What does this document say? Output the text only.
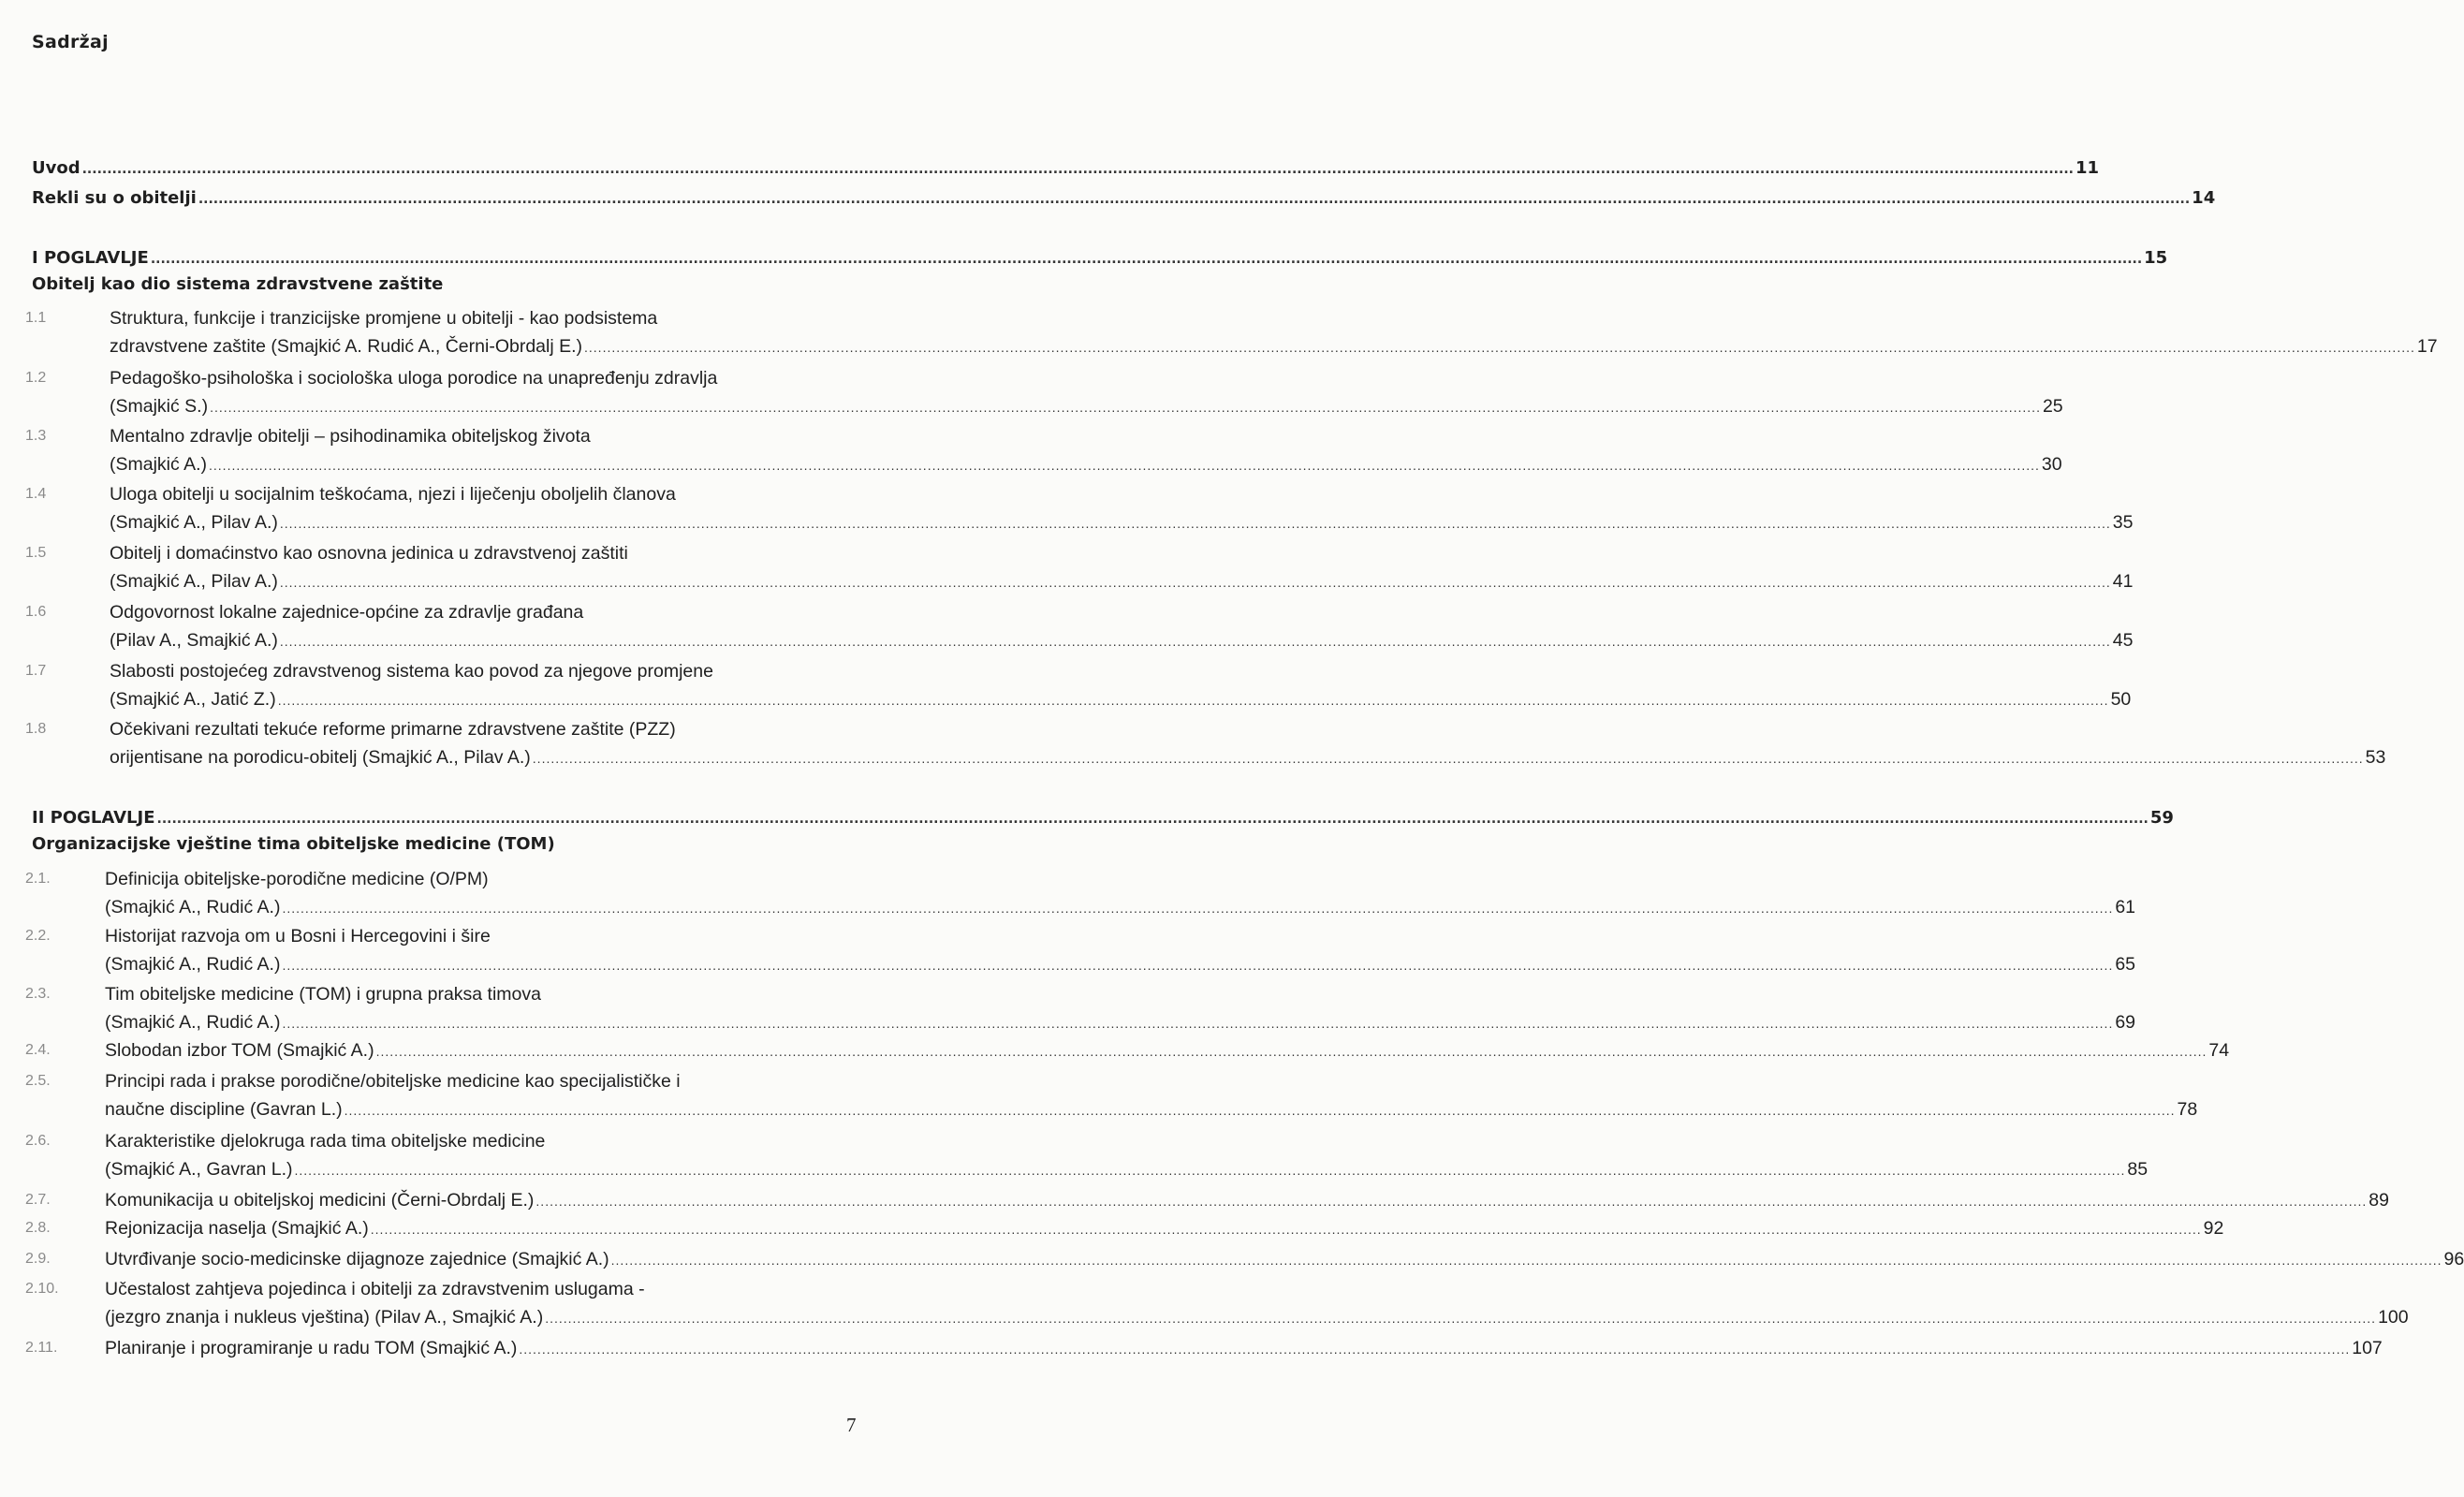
Sadržaj
Uvod ................................................................................................................................................................................................................................................................................................................................................................................................................ 11
Rekli su o obitelji ................................................................................................................................................................................................................................................................................................................................................................................................................ 14
I POGLAVLJE ................................................................................................................................................................................................................................................................................................................................................................................................................ 15
Obitelj kao dio sistema zdravstvene zaštite
1.1	Struktura, funkcije i tranzicijske promjene u obitelji - kao podsistema
zdravstvene zaštite (Smajkić A. Rudić A., Černi-Obrdalj E.) ................................................................................................................................................................................................................................................................................................................................................................................................................ 17
1.2	Pedagoško-psihološka i sociološka uloga porodice na unapređenju zdravlja
(Smajkić S.) ................................................................................................................................................................................................................................................................................................................................................................................................................ 25
1.3	Mentalno zdravlje obitelji – psihodinamika obiteljskog života
(Smajkić A.) ................................................................................................................................................................................................................................................................................................................................................................................................................ 30
1.4	Uloga obitelji u socijalnim teškoćama, njezi i liječenju oboljelih članova
(Smajkić A., Pilav A.) ................................................................................................................................................................................................................................................................................................................................................................................................................ 35
1.5	Obitelj i domaćinstvo kao osnovna jedinica u zdravstvenoj zaštiti
(Smajkić A., Pilav A.) ................................................................................................................................................................................................................................................................................................................................................................................................................ 41
1.6	Odgovornost lokalne zajednice-općine za zdravlje građana
(Pilav A., Smajkić A.) ................................................................................................................................................................................................................................................................................................................................................................................................................ 45
1.7	Slabosti postojećeg zdravstvenog sistema kao povod za njegove promjene
(Smajkić A., Jatić Z.) ................................................................................................................................................................................................................................................................................................................................................................................................................ 50
1.8	Očekivani rezultati tekuće reforme primarne zdravstvene zaštite (PZZ)
orijentisane na porodicu-obitelj (Smajkić A., Pilav A.) ................................................................................................................................................................................................................................................................................................................................................................................................................ 53
II POGLAVLJE ................................................................................................................................................................................................................................................................................................................................................................................................................ 59
Organizacijske vještine tima obiteljske medicine (TOM)
2.1.	Definicija obiteljske-porodične medicine (O/PM)
(Smajkić A., Rudić A.) ................................................................................................................................................................................................................................................................................................................................................................................................................ 61
2.2.	Historijat razvoja om u Bosni i Hercegovini i šire
(Smajkić A., Rudić A.) ................................................................................................................................................................................................................................................................................................................................................................................................................ 65
2.3.	Tim obiteljske medicine (TOM) i grupna praksa timova
(Smajkić A., Rudić A.) ................................................................................................................................................................................................................................................................................................................................................................................................................ 69
2.4.	Slobodan izbor TOM (Smajkić A.) ................................................................................................................................................................................................................................................................................................................................................................................................................ 74
2.5.	Principi rada i prakse porodične/obiteljske medicine kao specijalističke i
naučne discipline (Gavran L.) ................................................................................................................................................................................................................................................................................................................................................................................................................ 78
2.6.	Karakteristike djelokruga rada tima obiteljske medicine
(Smajkić A., Gavran L.) ................................................................................................................................................................................................................................................................................................................................................................................................................ 85
2.7.	Komunikacija u obiteljskoj medicini (Černi-Obrdalj E.) ................................................................................................................................................................................................................................................................................................................................................................................................................ 89
2.8.	Rejonizacija naselja (Smajkić A.) ................................................................................................................................................................................................................................................................................................................................................................................................................ 92
2.9.	Utvrđivanje socio-medicinske dijagnoze zajednice (Smajkić A.) ................................................................................................................................................................................................................................................................................................................................................................................................................ 96
2.10.	Učestalost zahtjeva pojedinca i obitelji za zdravstvenim uslugama -
(jezgro znanja i nukleus vještina) (Pilav A., Smajkić A.) ................................................................................................................................................................................................................................................................................................................................................................................................................ 100
2.11.	Planiranje i programiranje u radu TOM (Smajkić A.) ................................................................................................................................................................................................................................................................................................................................................................................................................ 107
7
